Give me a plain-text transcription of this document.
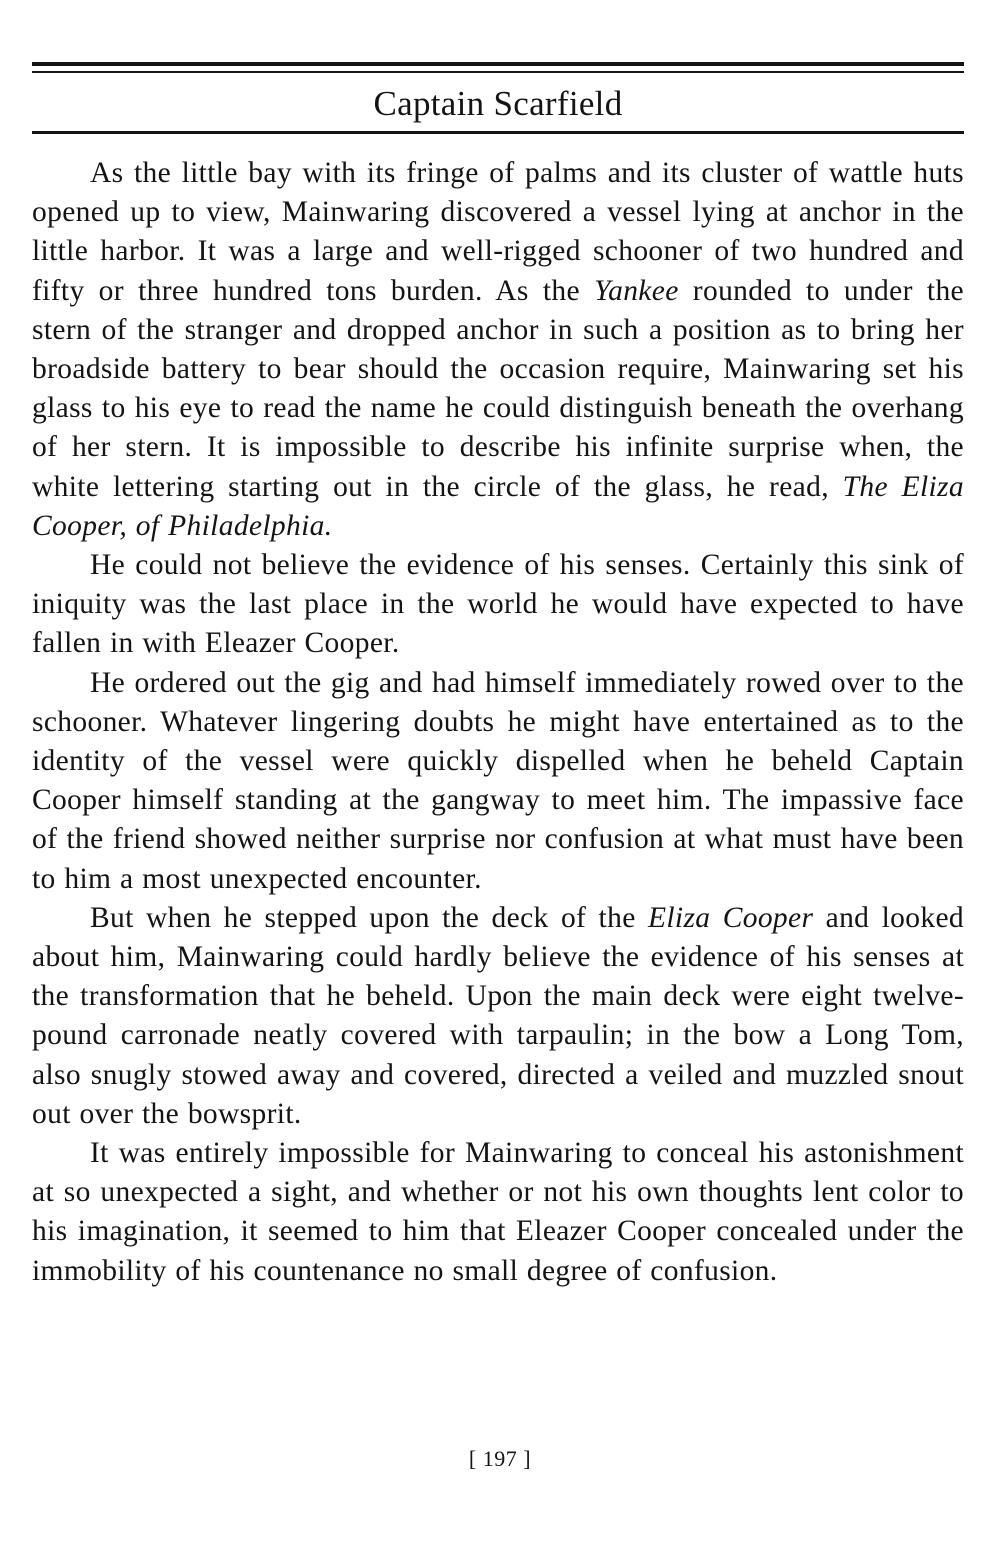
Captain Scarfield

As the little bay with its fringe of palms and its cluster of wattle huts opened up to view, Mainwaring discovered a vessel lying at anchor in the little harbor. It was a large and well-rigged schooner of two hundred and fifty or three hundred tons burden. As the Yankee rounded to under the stern of the stranger and dropped anchor in such a position as to bring her broadside battery to bear should the occasion require, Mainwaring set his glass to his eye to read the name he could distinguish beneath the overhang of her stern. It is impossible to describe his infinite surprise when, the white lettering starting out in the circle of the glass, he read, The Eliza Cooper, of Philadelphia.

He could not believe the evidence of his senses. Certainly this sink of iniquity was the last place in the world he would have expected to have fallen in with Eleazer Cooper.

He ordered out the gig and had himself immediately rowed over to the schooner. Whatever lingering doubts he might have entertained as to the identity of the vessel were quickly dispelled when he beheld Captain Cooper himself standing at the gangway to meet him. The impassive face of the friend showed neither surprise nor confusion at what must have been to him a most unexpected encounter.

But when he stepped upon the deck of the Eliza Cooper and looked about him, Mainwaring could hardly believe the evidence of his senses at the transformation that he beheld. Upon the main deck were eight twelve-pound carronade neatly covered with tarpaulin; in the bow a Long Tom, also snugly stowed away and covered, directed a veiled and muzzled snout out over the bowsprit.

It was entirely impossible for Mainwaring to conceal his astonishment at so unexpected a sight, and whether or not his own thoughts lent color to his imagination, it seemed to him that Eleazer Cooper concealed under the immobility of his countenance no small degree of confusion.

[ 197 ]
